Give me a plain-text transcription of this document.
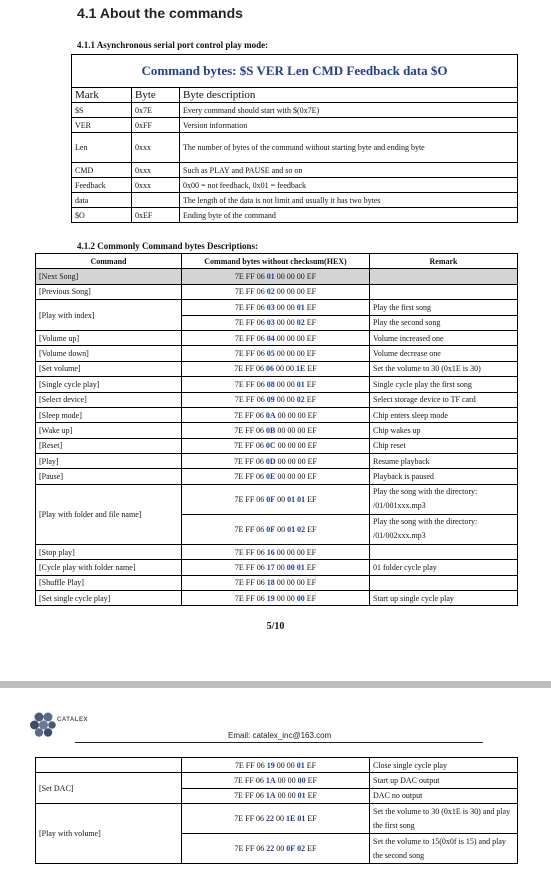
4.1 About the commands
4.1.1 Asynchronous serial port control play mode:
Command bytes: $S VER Len CMD Feedback data $O		
Mark	Byte	Byte description
$S	0x7E	Every command should start with $(0x7E)
VER	0xFF	Version information
Len	0xxx	The number of bytes of the command without starting byte and ending byte
CMD	0xxx	Such as PLAY and PAUSE and so on
Feedback	0xxx	0x00 = not feedback, 0x01 = feedback
data		The length of the data is not limit and usually it has two bytes
$O	0xEF	Ending byte of the command
4.1.2 Commonly Command bytes Descriptions:
Command	Command bytes without checksum(HEX)	Remark
[Next Song]	7E FF 06 01 00 00 00 EF	
[Previous Song]	7E FF 06 02 00 00 00 EF	
[Play with index]	7E FF 06 03 00 00 01 EF	Play the first song
	7E FF 06 03 00 00 02 EF	Play the second song
[Volume up]	7E FF 06 04 00 00 00 EF	Volume increased one
[Volume down]	7E FF 06 05 00 00 00 EF	Volume decrease one
[Set volume]	7E FF 06 06 00 00 1E EF	Set the volume to 30 (0x1E is 30)
[Single cycle play]	7E FF 06 08 00 00 01 EF	Single cycle play the first song
[Select device]	7E FF 06 09 00 00 02 EF	Select storage device to TF card
[Sleep mode]	7E FF 06 0A 00 00 00 EF	Chip enters sleep mode
[Wake up]	7E FF 06 0B 00 00 00 EF	Chip wakes up
[Reset]	7E FF 06 0C 00 00 00 EF	Chip reset
[Play]	7E FF 06 0D 00 00 00 EF	Resume playback
[Pause]	7E FF 06 0E 00 00 00 EF	Playback is paused
[Play with folder and file name]	7E FF 06 0F 00 01 01 EF	Play the song with the directory: /01/001xxx.mp3
	7E FF 06 0F 00 01 02 EF	Play the song with the directory: /01/002xxx.mp3
[Stop play]	7E FF 06 16 00 00 00 EF	
[Cycle play with folder name]	7E FF 06 17 00 00 01 EF	01 folder cycle play
[Shuffle Play]	7E FF 06 18 00 00 00 EF	
[Set single cycle play]	7E FF 06 19 00 00 00 EF	Start up single cycle play
5/10
CATALEX
Email: catalex_inc@163.com
	7E FF 06 19 00 00 01 EF	Close single cycle play
[Set DAC]	7E FF 06 1A 00 00 00 EF	Start up DAC output
	7E FF 06 1A 00 00 01 EF	DAC no output
[Play with volume]	7E FF 06 22 00 1E 01 EF	Set the volume to 30 (0x1E is 30) and play the first song
	7E FF 06 22 00 0F 02 EF	Set the volume to 15(0x0f is 15) and play the second song
